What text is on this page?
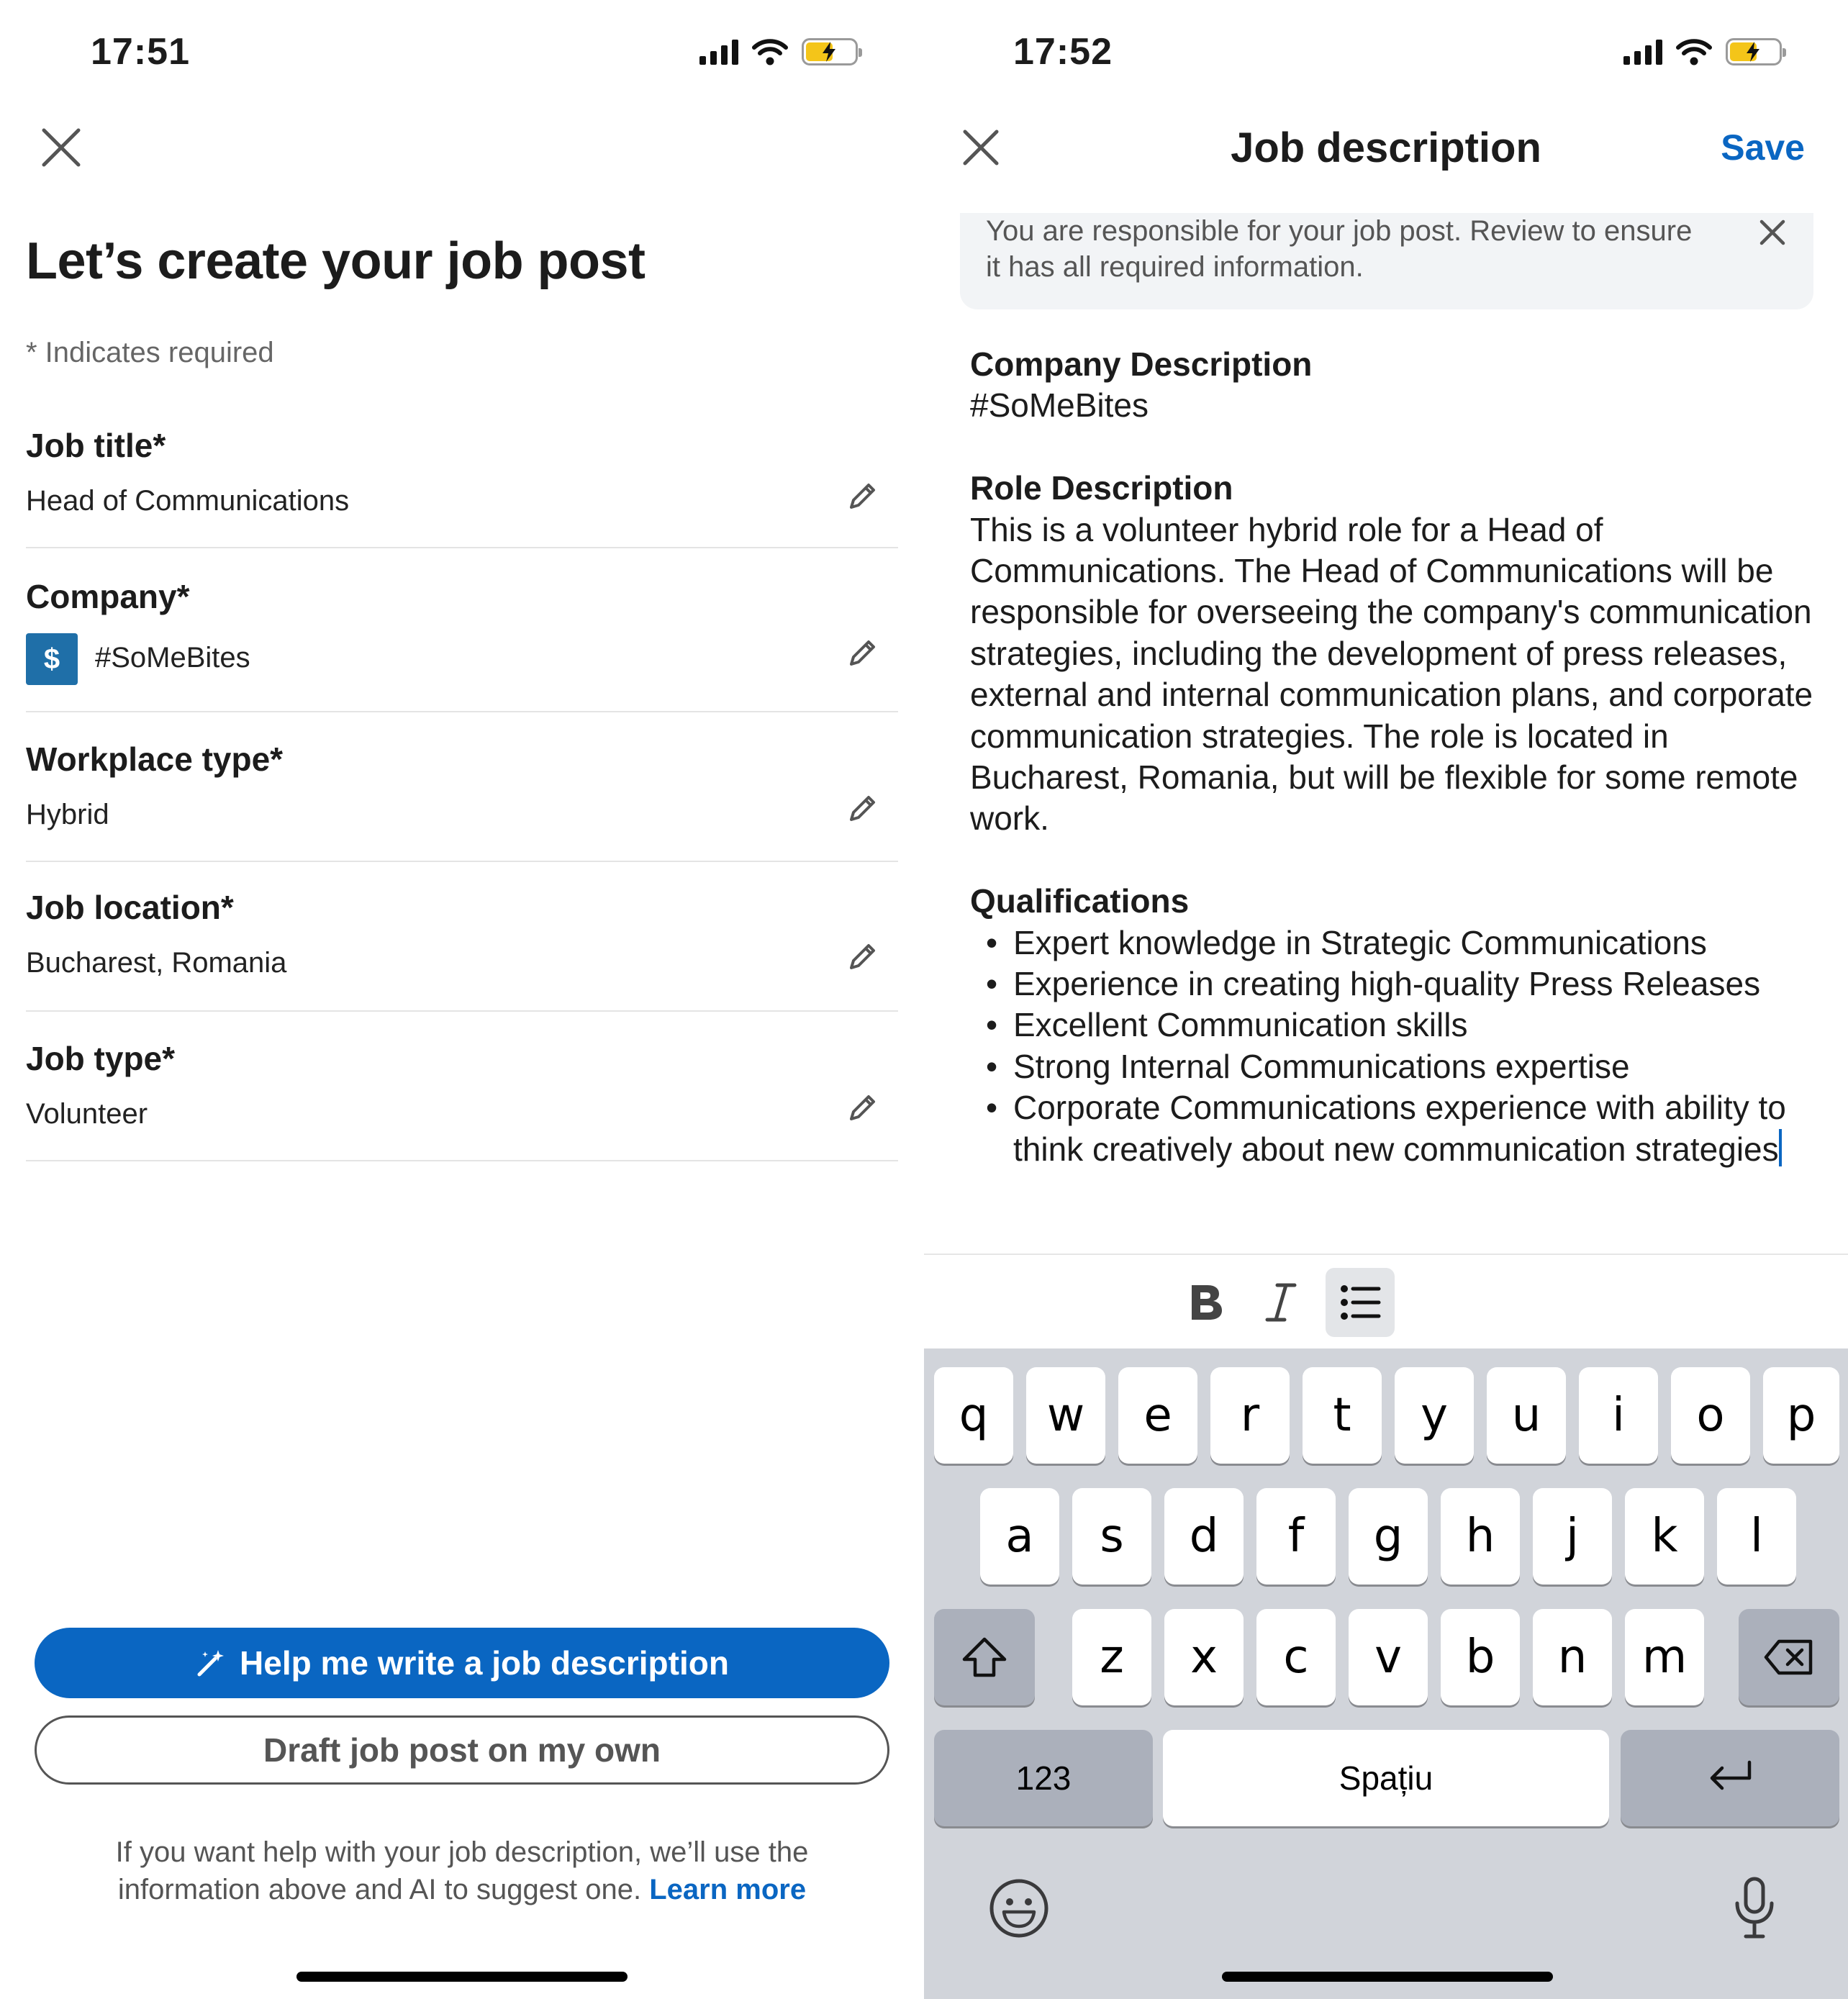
17:51
Let’s create your job post
* Indicates required
Job title*
Head of Communications
Company*
$	#SoMeBites
Workplace type*
Hybrid
Job location*
Bucharest, Romania
Job type*
Volunteer
Help me write a job description
Draft job post on my own
If you want help with your job description, we’ll use the information above and AI to suggest one. Learn more
17:52
Job description	Save
You are responsible for your job post. Review to ensure it has all required information.
Company Description
#SoMeBites
Role Description
This is a volunteer hybrid role for a Head of Communications. The Head of Communications will be responsible for overseeing the company's communication strategies, including the development of press releases, external and internal communication plans, and corporate communication strategies. The role is located in Bucharest, Romania, but will be flexible for some remote work.
Qualifications
• Expert knowledge in Strategic Communications
• Experience in creating high-quality Press Releases
• Excellent Communication skills
• Strong Internal Communications expertise
• Corporate Communications experience with ability to think creatively about new communication strategies
q	w	e	r	t	y	u	i	o	p
a	s	d	f	g	h	j	k	l
z	x	c	v	b	n	m
123	Spațiu
